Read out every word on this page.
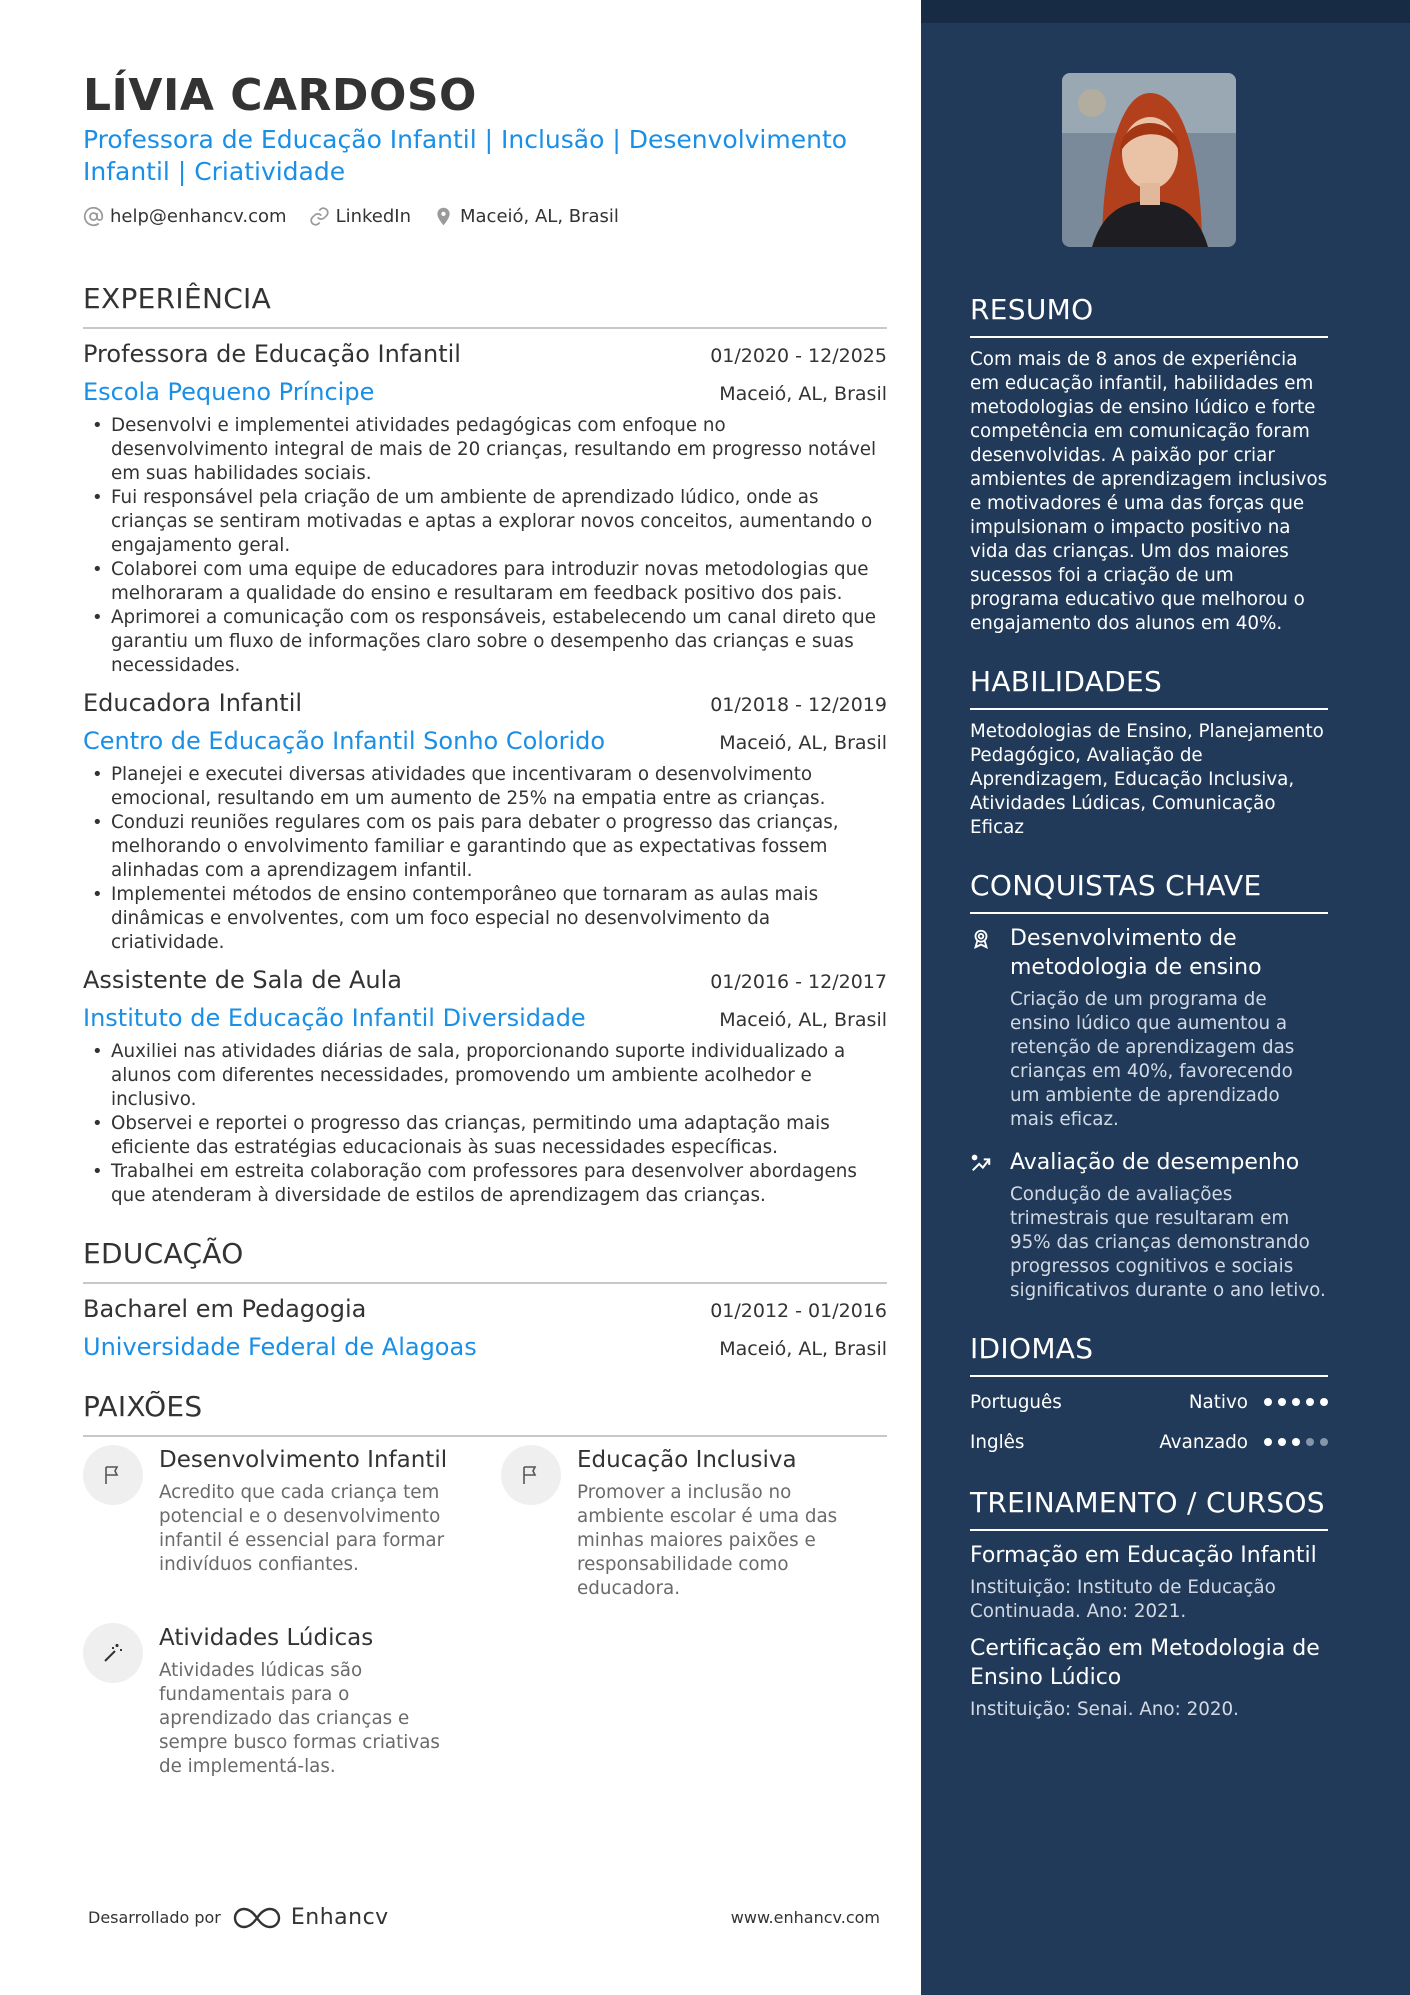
LÍVIA CARDOSO
Professora de Educação Infantil | Inclusão | Desenvolvimento Infantil | Criatividade
help@enhancv.com	LinkedIn	Maceió, AL, Brasil
EXPERIÊNCIA
Professora de Educação Infantil	01/2020 - 12/2025
Escola Pequeno Príncipe	Maceió, AL, Brasil
• Desenvolvi e implementei atividades pedagógicas com enfoque no desenvolvimento integral de mais de 20 crianças, resultando em progresso notável em suas habilidades sociais.
• Fui responsável pela criação de um ambiente de aprendizado lúdico, onde as crianças se sentiram motivadas e aptas a explorar novos conceitos, aumentando o engajamento geral.
• Colaborei com uma equipe de educadores para introduzir novas metodologias que melhoraram a qualidade do ensino e resultaram em feedback positivo dos pais.
• Aprimorei a comunicação com os responsáveis, estabelecendo um canal direto que garantiu um fluxo de informações claro sobre o desempenho das crianças e suas necessidades.
Educadora Infantil	01/2018 - 12/2019
Centro de Educação Infantil Sonho Colorido	Maceió, AL, Brasil
• Planejei e executei diversas atividades que incentivaram o desenvolvimento emocional, resultando em um aumento de 25% na empatia entre as crianças.
• Conduzi reuniões regulares com os pais para debater o progresso das crianças, melhorando o envolvimento familiar e garantindo que as expectativas fossem alinhadas com a aprendizagem infantil.
• Implementei métodos de ensino contemporâneo que tornaram as aulas mais dinâmicas e envolventes, com um foco especial no desenvolvimento da criatividade.
Assistente de Sala de Aula	01/2016 - 12/2017
Instituto de Educação Infantil Diversidade	Maceió, AL, Brasil
• Auxiliei nas atividades diárias de sala, proporcionando suporte individualizado a alunos com diferentes necessidades, promovendo um ambiente acolhedor e inclusivo.
• Observei e reportei o progresso das crianças, permitindo uma adaptação mais eficiente das estratégias educacionais às suas necessidades específicas.
• Trabalhei em estreita colaboração com professores para desenvolver abordagens que atenderam à diversidade de estilos de aprendizagem das crianças.
EDUCAÇÃO
Bacharel em Pedagogia	01/2012 - 01/2016
Universidade Federal de Alagoas	Maceió, AL, Brasil
PAIXÕES
Desenvolvimento Infantil
Acredito que cada criança tem potencial e o desenvolvimento infantil é essencial para formar indivíduos confiantes.
Educação Inclusiva
Promover a inclusão no ambiente escolar é uma das minhas maiores paixões e responsabilidade como educadora.
Atividades Lúdicas
Atividades lúdicas são fundamentais para o aprendizado das crianças e sempre busco formas criativas de implementá-las.
Desarrollado por	Enhancv	www.enhancv.com
RESUMO
Com mais de 8 anos de experiência em educação infantil, habilidades em metodologias de ensino lúdico e forte competência em comunicação foram desenvolvidas. A paixão por criar ambientes de aprendizagem inclusivos e motivadores é uma das forças que impulsionam o impacto positivo na vida das crianças. Um dos maiores sucessos foi a criação de um programa educativo que melhorou o engajamento dos alunos em 40%.
HABILIDADES
Metodologias de Ensino, Planejamento Pedagógico, Avaliação de Aprendizagem, Educação Inclusiva, Atividades Lúdicas, Comunicação Eficaz
CONQUISTAS CHAVE
Desenvolvimento de metodologia de ensino
Criação de um programa de ensino lúdico que aumentou a retenção de aprendizagem das crianças em 40%, favorecendo um ambiente de aprendizado mais eficaz.
Avaliação de desempenho
Condução de avaliações trimestrais que resultaram em 95% das crianças demonstrando progressos cognitivos e sociais significativos durante o ano letivo.
IDIOMAS
Português	Nativo
Inglês	Avanzado
TREINAMENTO / CURSOS
Formação em Educação Infantil
Instituição: Instituto de Educação Continuada. Ano: 2021.
Certificação em Metodologia de Ensino Lúdico
Instituição: Senai. Ano: 2020.
